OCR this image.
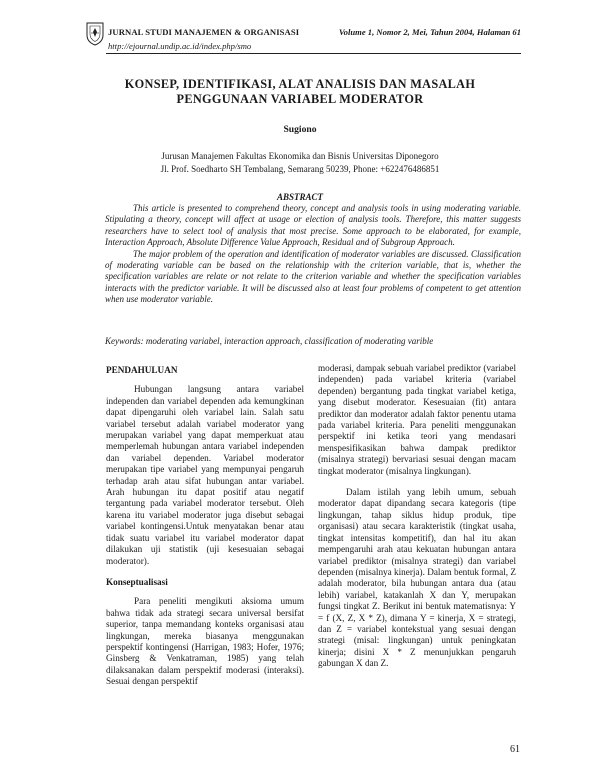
JURNAL STUDI MANAJEMEN & ORGANISASI	Volume 1, Nomor 2, Mei, Tahun 2004, Halaman 61
http://ejournal.undip.ac.id/index.php/smo
KONSEP, IDENTIFIKASI, ALAT ANALISIS DAN MASALAH
PENGGUNAAN VARIABEL MODERATOR
Sugiono
Jurusan Manajemen Fakultas Ekonomika dan Bisnis Universitas Diponegoro
Jl. Prof. Soedharto SH Tembalang, Semarang 50239, Phone: +622476486851
ABSTRACT

This article is presented to comprehend theory, concept and analysis tools in using moderating variable. Stipulating a theory, concept will affect at usage or election of analysis tools. Therefore, this matter suggests researchers have to select tool of analysis that most precise. Some approach to be elaborated, for example, Interaction Approach, Absolute Difference Value Approach, Residual and of Subgroup Approach.

The major problem of the operation and identification of moderator variables are discussed. Classification of moderating variable can be based on the relationship with the criterion variable, that is, whether the specification variables are relate or not relate to the criterion variable and whether the specification variables interacts with the predictor variable. It will be discussed also at least four problems of competent to get attention when use moderator variable.

Keywords: moderating variabel, interaction approach, classification of moderating varible
PENDAHULUAN

Hubungan langsung antara variabel independen dan variabel dependen ada kemungkinan dapat dipengaruhi oleh variabel lain. Salah satu variabel tersebut adalah variabel moderator yang merupakan variabel yang dapat memperkuat atau memperlemah hubungan antara variabel independen dan variabel dependen. Variabel moderator merupakan tipe variabel yang mempunyai pengaruh terhadap arah atau sifat hubungan antar variabel. Arah hubungan itu dapat positif atau negatif tergantung pada variabel moderator tersebut. Oleh karena itu variabel moderator juga disebut sebagai variabel kontingensi.Untuk menyatakan benar atau tidak suatu variabel itu variabel moderator dapat dilakukan uji statistik (uji kesesuaian sebagai moderator).

Konseptualisasi

Para peneliti mengikuti aksioma umum bahwa tidak ada strategi secara universal bersifat superior, tanpa memandang konteks organisasi atau lingkungan, mereka biasanya menggunakan perspektif kontingensi (Harrigan, 1983; Hofer, 1976; Ginsberg & Venkatraman, 1985) yang telah dilaksanakan dalam perspektif moderasi (interaksi). Sesuai dengan perspektif

moderasi, dampak sebuah variabel prediktor (variabel independen) pada variabel kriteria (variabel dependen) bergantung pada tingkat variabel ketiga, yang disebut moderator. Kesesuaian (fit) antara prediktor dan moderator adalah faktor penentu utama pada variabel kriteria. Para peneliti menggunakan perspektif ini ketika teori yang mendasari menspesifikasikan bahwa dampak prediktor (misalnya strategi) bervariasi sesuai dengan macam tingkat moderator (misalnya lingkungan).

Dalam istilah yang lebih umum, sebuah moderator dapat dipandang secara kategoris (tipe lingkungan, tahap siklus hidup produk, tipe organisasi) atau secara karakteristik (tingkat usaha, tingkat intensitas kompetitif), dan hal itu akan mempengaruhi arah atau kekuatan hubungan antara variabel prediktor (misalnya strategi) dan variabel dependen (misalnya kinerja). Dalam bentuk formal, Z adalah moderator, bila hubungan antara dua (atau lebih) variabel, katakanlah X dan Y, merupakan fungsi tingkat Z. Berikut ini bentuk matematisnya: Y = f (X, Z, X * Z), dimana Y = kinerja, X = strategi, dan Z = variabel kontekstual yang sesuai dengan strategi (misal: lingkungan) untuk peningkatan kinerja; disini X * Z menunjukkan pengaruh gabungan X dan Z.

61
